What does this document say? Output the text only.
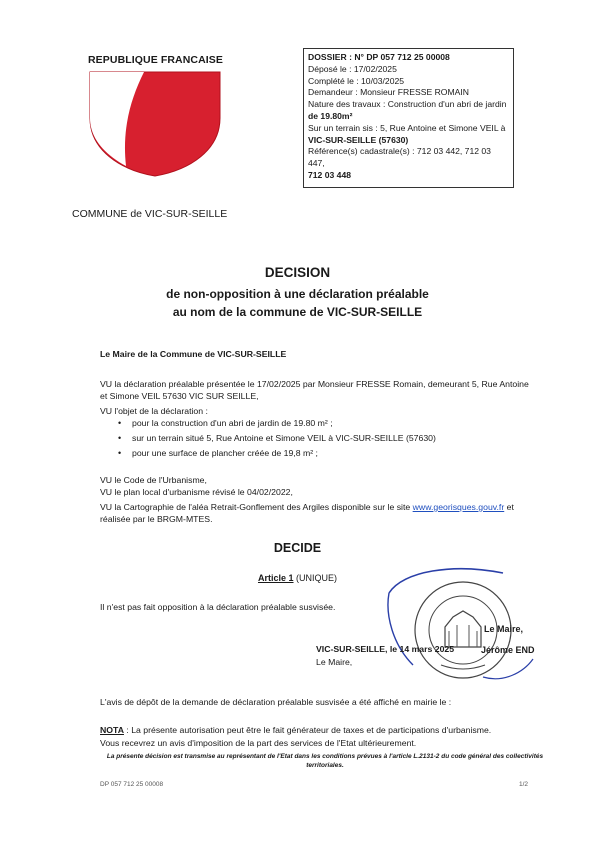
REPUBLIQUE FRANCAISE
COMMUNE de VIC-SUR-SEILLE
DOSSIER : N° DP 057 712 25 00008
Déposé le : 17/02/2025
Complété le : 10/03/2025
Demandeur : Monsieur FRESSE ROMAIN
Nature des travaux : Construction d'un abri de jardin
de 19.80m²
Sur un terrain sis : 5, Rue Antoine et Simone VEIL à
VIC-SUR-SEILLE (57630)
Référence(s) cadastrale(s) : 712 03 442, 712 03 447,
712 03 448
DECISION
de non-opposition à une déclaration préalable
au nom de la commune de VIC-SUR-SEILLE
Le Maire de la Commune de VIC-SUR-SEILLE
VU la déclaration préalable présentée le 17/02/2025 par Monsieur FRESSE Romain, demeurant 5, Rue Antoine et Simone VEIL 57630 VIC SUR SEILLE,
VU l'objet de la déclaration :
• pour la construction d'un abri de jardin de 19.80 m² ;
• sur un terrain situé 5, Rue Antoine et Simone VEIL à VIC-SUR-SEILLE (57630)
• pour une surface de plancher créée de 19,8 m² ;
VU le Code de l'Urbanisme,
VU le plan local d'urbanisme révisé le 04/02/2022,
VU la Cartographie de l'aléa Retrait-Gonflement des Argiles disponible sur le site www.georisques.gouv.fr et réalisée par le BRGM-MTES.
DECIDE
Article 1 (UNIQUE)
Il n'est pas fait opposition à la déclaration préalable susvisée.
Le Maire,
Jérôme END
VIC-SUR-SEILLE, le 14 mars 2025
Le Maire,
L'avis de dépôt de la demande de déclaration préalable susvisée a été affiché en mairie le :
NOTA : La présente autorisation peut être le fait générateur de taxes et de participations d'urbanisme.
Vous recevrez un avis d'imposition de la part des services de l'Etat ultérieurement.
La présente décision est transmise au représentant de l'Etat dans les conditions prévues à l'article L.2131-2 du code général des collectivités territoriales.
DP 057 712 25 00008	1/2
